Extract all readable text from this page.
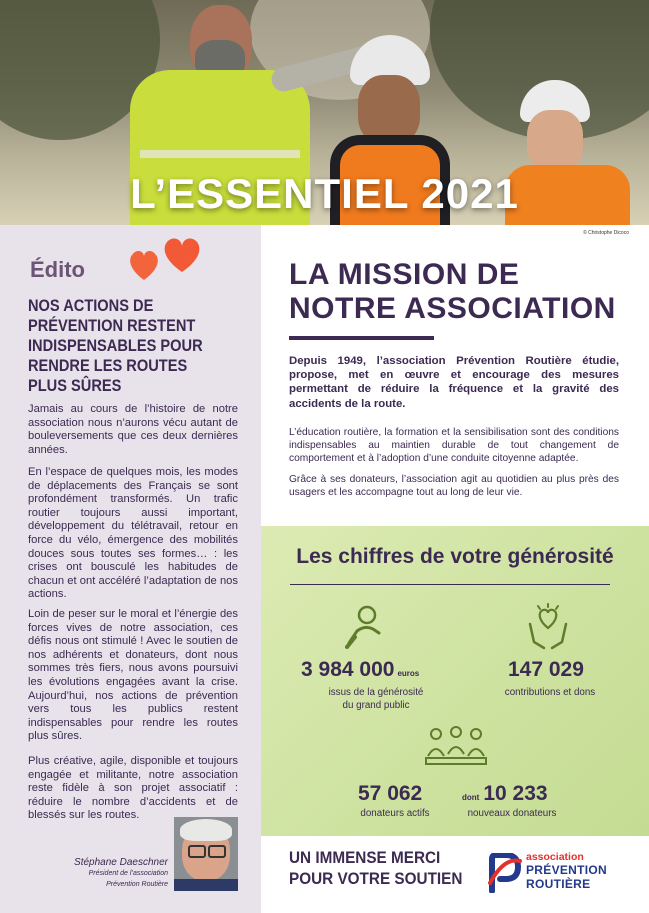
L’ESSENTIEL 2021
© Christophe Dicoco
Édito
NOS ACTIONS DE PRÉVENTION RESTENT INDISPENSABLES POUR RENDRE LES ROUTES PLUS SÛRES
Jamais au cours de l’histoire de notre association nous n’aurons vécu autant de bouleversements que ces deux dernières années.
En l’espace de quelques mois, les modes de déplacements des Français se sont profondément transformés. Un trafic routier toujours aussi important, développement du télétravail, retour en force du vélo, émergence des mobilités douces sous toutes ses formes… : les crises ont bousculé les habitudes de chacun et ont accéléré l’adaptation de nos actions.
Loin de peser sur le moral et l’énergie des forces vives de notre association, ces défis nous ont stimulé ! Avec le soutien de nos adhérents et donateurs, dont nous sommes très fiers, nous avons poursuivi les évolutions engagées avant la crise. Aujourd’hui, nos actions de prévention vers tous les publics restent indispensables pour rendre les routes plus sûres.
Plus créative, agile, disponible et toujours engagée et militante, notre association reste fidèle à son projet associatif : réduire le nombre d’accidents et de blessés sur les routes.
Stéphane Daeschner
Président de l’association
Prévention Routière
LA MISSION DE
NOTRE ASSOCIATION
Depuis 1949, l’association Prévention Routière étudie, propose, met en œuvre et encourage des mesures permettant de réduire la fréquence et la gravité des accidents de la route.
L’éducation routière, la formation et la sensibilisation sont des conditions indispensables au maintien durable de tout changement de comportement et à l’adoption d’une conduite citoyenne adaptée.
Grâce à ses donateurs, l’association agit au quotidien au plus près des usagers et les accompagne tout au long de leur vie.
Les chiffres de votre générosité
3 984 000 euros
issus de la générosité
du grand public
147 029
contributions et dons
57 062
donateurs actifs
dont 10 233
nouveaux donateurs
UN IMMENSE MERCI
POUR VOTRE SOUTIEN
association
PRÉVENTION
ROUTIÈRE
